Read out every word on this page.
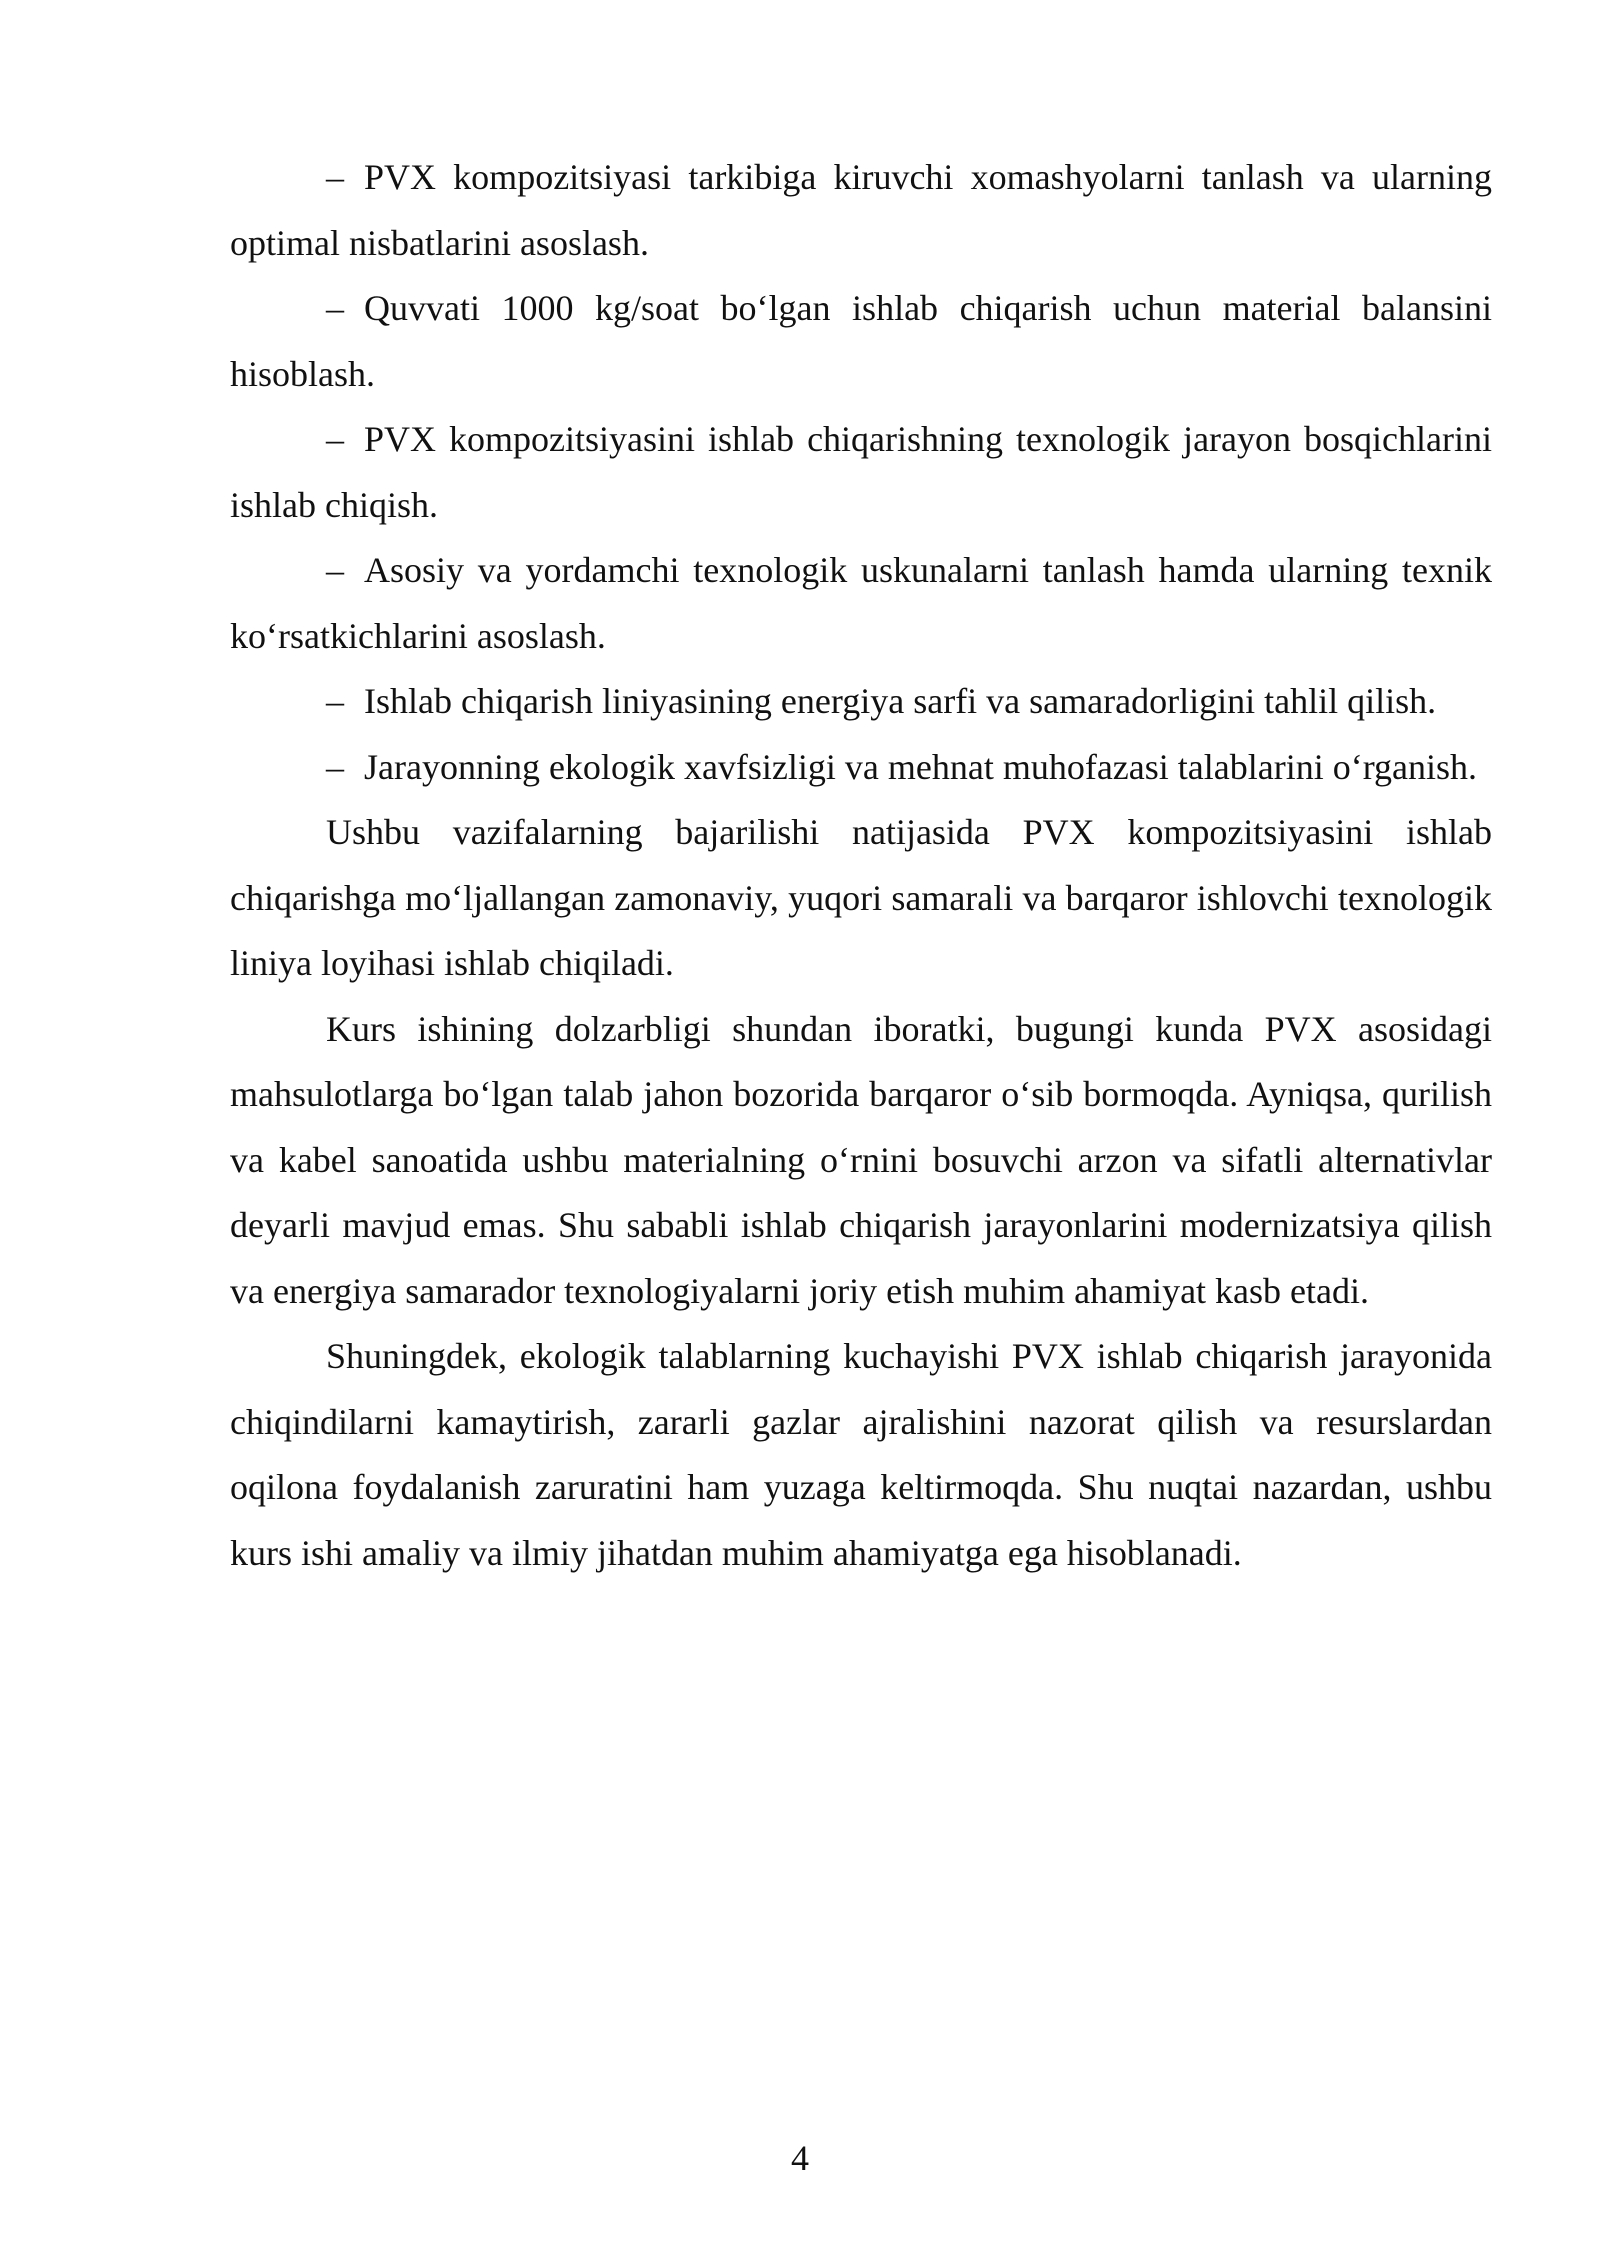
– PVX kompozitsiyasi tarkibiga kiruvchi xomashyolarni tanlash va ularning optimal nisbatlarini asoslash.

– Quvvati 1000 kg/soat bo‘lgan ishlab chiqarish uchun material balansini hisoblash.

– PVX kompozitsiyasini ishlab chiqarishning texnologik jarayon bosqichlarini ishlab chiqish.

– Asosiy va yordamchi texnologik uskunalarni tanlash hamda ularning texnik ko‘rsatkichlarini asoslash.

– Ishlab chiqarish liniyasining energiya sarfi va samaradorligini tahlil qilish.

– Jarayonning ekologik xavfsizligi va mehnat muhofazasi talablarini o‘rganish.

Ushbu vazifalarning bajarilishi natijasida PVX kompozitsiyasini ishlab chiqarishga mo‘ljallangan zamonaviy, yuqori samarali va barqaror ishlovchi texnologik liniya loyihasi ishlab chiqiladi.

Kurs ishining dolzarbligi shundan iboratki, bugungi kunda PVX asosidagi mahsulotlarga bo‘lgan talab jahon bozorida barqaror o‘sib bormoqda. Ayniqsa, qurilish va kabel sanoatida ushbu materialning o‘rnini bosuvchi arzon va sifatli alternativlar deyarli mavjud emas. Shu sababli ishlab chiqarish jarayonlarini modernizatsiya qilish va energiya samarador texnologiyalarni joriy etish muhim ahamiyat kasb etadi.

Shuningdek, ekologik talablarning kuchayishi PVX ishlab chiqarish jarayonida chiqindilarni kamaytirish, zararli gazlar ajralishini nazorat qilish va resurslardan oqilona foydalanish zaruratini ham yuzaga keltirmoqda. Shu nuqtai nazardan, ushbu kurs ishi amaliy va ilmiy jihatdan muhim ahamiyatga ega hisoblanadi.

4
